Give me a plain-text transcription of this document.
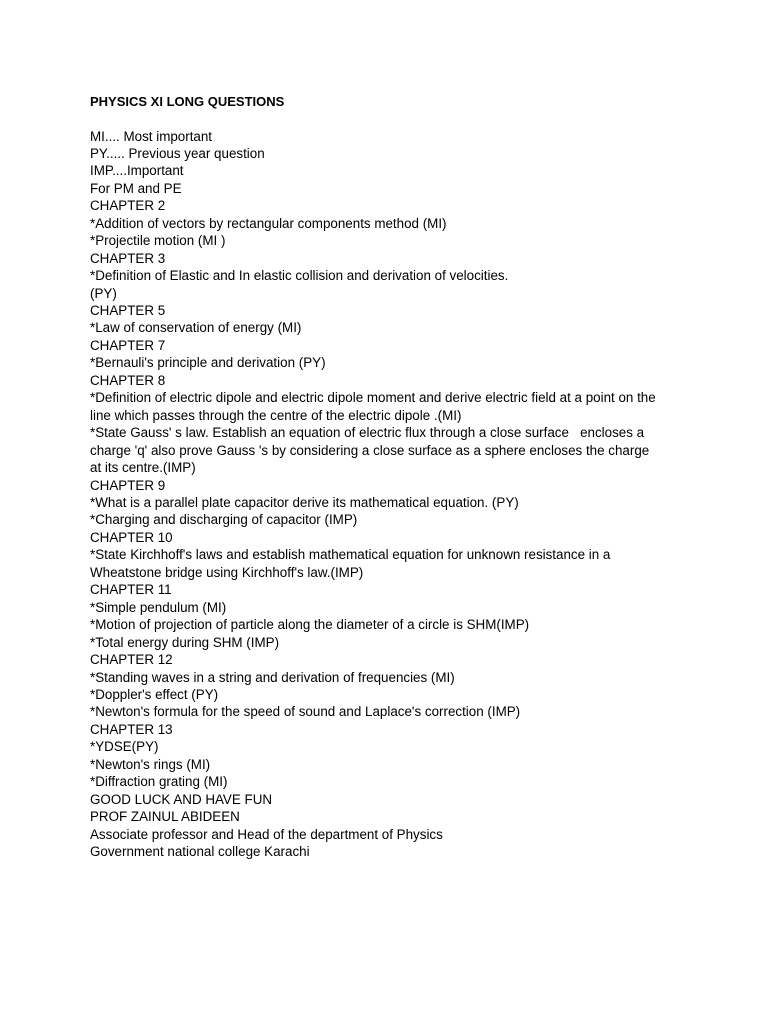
PHYSICS XI LONG QUESTIONS
MI.... Most important
PY..... Previous year question
IMP....Important
For PM and PE
CHAPTER 2
*Addition of vectors by rectangular components method (MI)
*Projectile motion (MI )
CHAPTER 3
*Definition of Elastic and In elastic collision and derivation of velocities.
(PY)
CHAPTER 5
*Law of conservation of energy (MI)
CHAPTER 7
*Bernauli's principle and derivation (PY)
CHAPTER 8
*Definition of electric dipole and electric dipole moment and derive electric field at a point on the
line which passes through the centre of the electric dipole .(MI)
*State Gauss' s law. Establish an equation of electric flux through a close surface   encloses a
charge 'q' also prove Gauss 's by considering a close surface as a sphere encloses the charge
at its centre.(IMP)
CHAPTER 9
*What is a parallel plate capacitor derive its mathematical equation. (PY)
*Charging and discharging of capacitor (IMP)
CHAPTER 10
*State Kirchhoff's laws and establish mathematical equation for unknown resistance in a
Wheatstone bridge using Kirchhoff's law.(IMP)
CHAPTER 11
*Simple pendulum (MI)
*Motion of projection of particle along the diameter of a circle is SHM(IMP)
*Total energy during SHM (IMP)
CHAPTER 12
*Standing waves in a string and derivation of frequencies (MI)
*Doppler's effect (PY)
*Newton's formula for the speed of sound and Laplace's correction (IMP)
CHAPTER 13
*YDSE(PY)
*Newton's rings (MI)
*Diffraction grating (MI)
GOOD LUCK AND HAVE FUN
PROF ZAINUL ABIDEEN
Associate professor and Head of the department of Physics
Government national college Karachi
